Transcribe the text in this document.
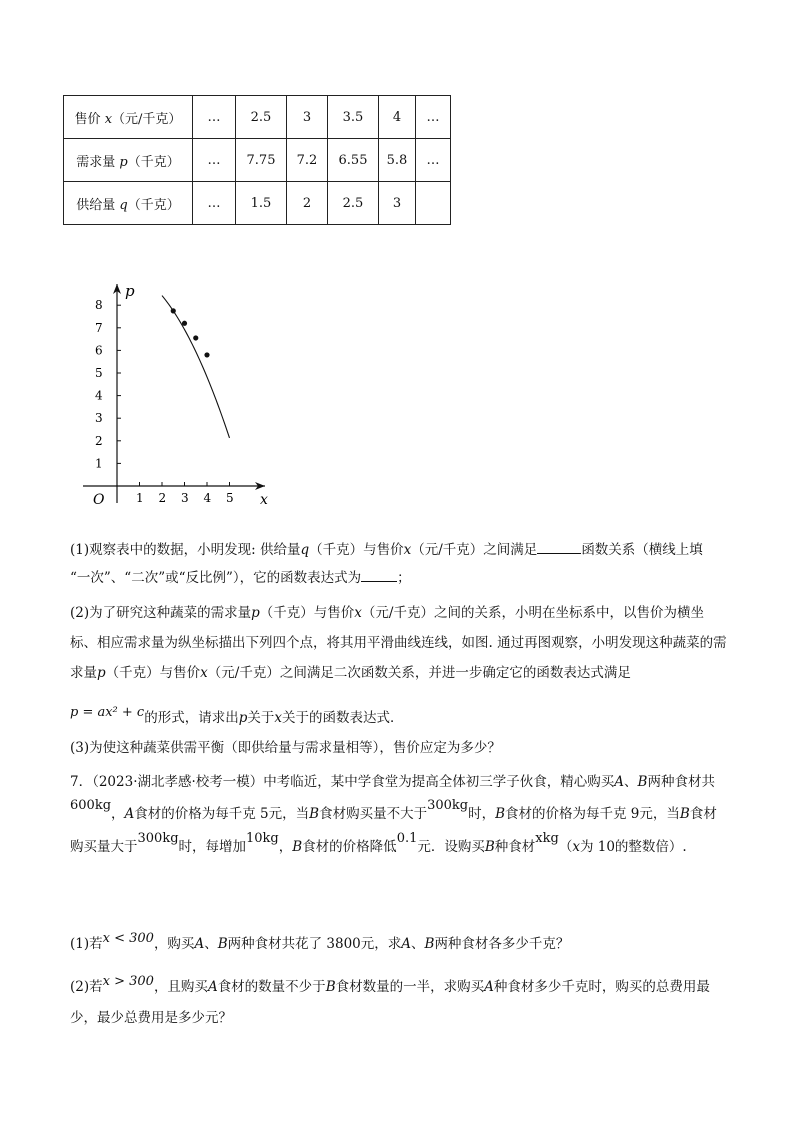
售价 x（元/千克）	…	2.5	3	3.5	4	…
需求量 p（千克）	…	7.75	7.2	6.55	5.8	…
供给量 q（千克）	…	1.5	2	2.5	3	
1 2 3 4 5
1
2
3
4
5
6
7
8
O	x
p

(1)观察表中的数据，小明发现: 供给量q（千克）与售价x（元/千克）之间满足	函数关系（横线上填
“一次”、“二次”或“反比例”），它的函数表达式为	；

(2)为了研究这种蔬菜的需求量p（千克）与售价x（元/千克）之间的关系，小明在坐标系中，以售价为横坐标、相应需求量为纵坐标描出下列四个点，将其用平滑曲线连线，如图. 通过再图观察，小明发现这种蔬菜的需求量p（千克）与售价x（元/千克）之间满足二次函数关系，并进一步确定它的函数表达式满足

p = ax² + c的形式，请求出p关于x关于的函数表达式．

(3)为使这种蔬菜供需平衡（即供给量与需求量相等），售价应定为多少？

7．（2023·湖北孝感·校考一模）中考临近，某中学食堂为提高全体初三学子伙食，精心购买A、B两种食材共600kg，A食材的价格为每千克 5元，当B食材购买量不大于300kg时，B食材的价格为每千克 9元，当B食材购买量大于300kg时，每增加10kg，B食材的价格降低0.1元．设购买B种食材xkg（x为 10的整数倍）.

(1)若x < 300，购买A、B两种食材共花了 3800元，求A、B两种食材各多少千克？

(2)若x > 300，且购买A食材的数量不少于B食材数量的一半，求购买A种食材多少千克时，购买的总费用最少，最少总费用是多少元？
